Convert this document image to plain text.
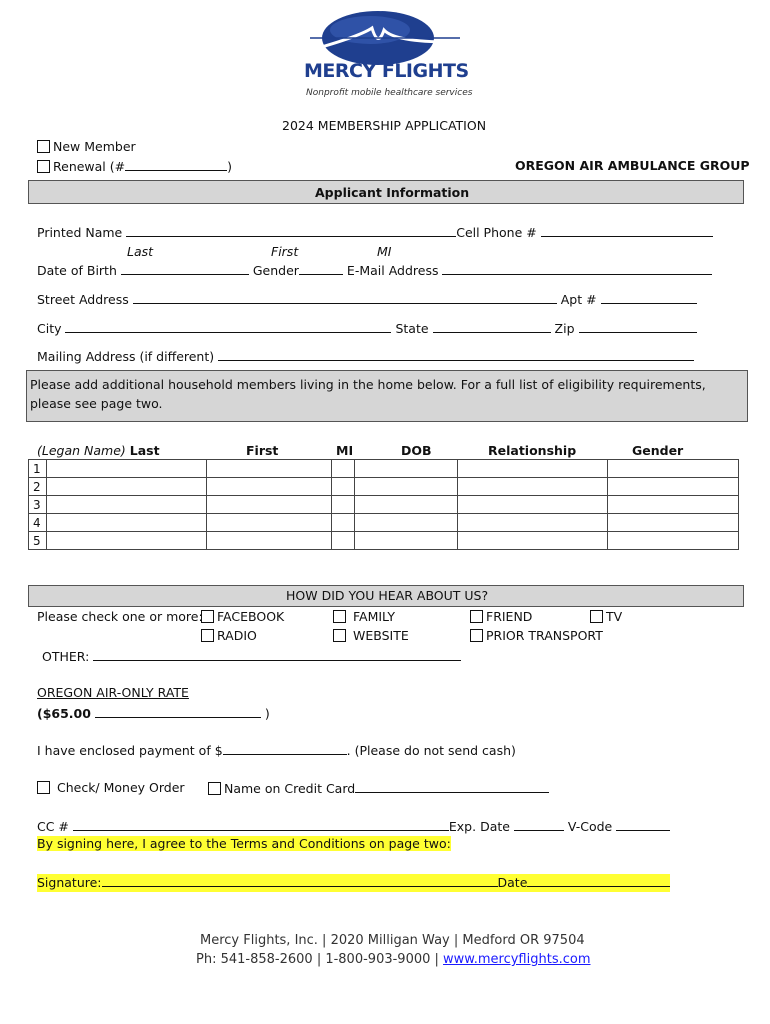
MERCY FLIGHTS
Nonprofit mobile healthcare services
2024 MEMBERSHIP APPLICATION
New Member
Renewal (#	)	OREGON AIR AMBULANCE GROUP
Applicant Information
Printed Name	Cell Phone #
Last	First	MI
Date of Birth	Gender	E-Mail Address
Street Address	Apt #
City	State	Zip
Mailing Address (if different)
Please add additional household members living in the home below. For a full list of eligibility requirements, please see page two.
(Legan Name) Last	First	MI	DOB	Relationship	Gender
1						
2						
3						
4						
5						
HOW DID YOU HEAR ABOUT US?
Please check one or more:	FACEBOOK
RADIO
FAMILY
WEBSITE
FRIEND
PRIOR TRANSPORT
TV
OTHER:
OREGON AIR-ONLY RATE
($65.00	)
I have enclosed payment of $	. (Please do not send cash)
Check/ Money Order	Name on Credit Card
CC #	Exp. Date	V-Code
By signing here, I agree to the Terms and Conditions on page two:
Signature:	Date
Mercy Flights, Inc. | 2020 Milligan Way | Medford OR 97504
Ph: 541-858-2600 | 1-800-903-9000 | www.mercyflights.com
